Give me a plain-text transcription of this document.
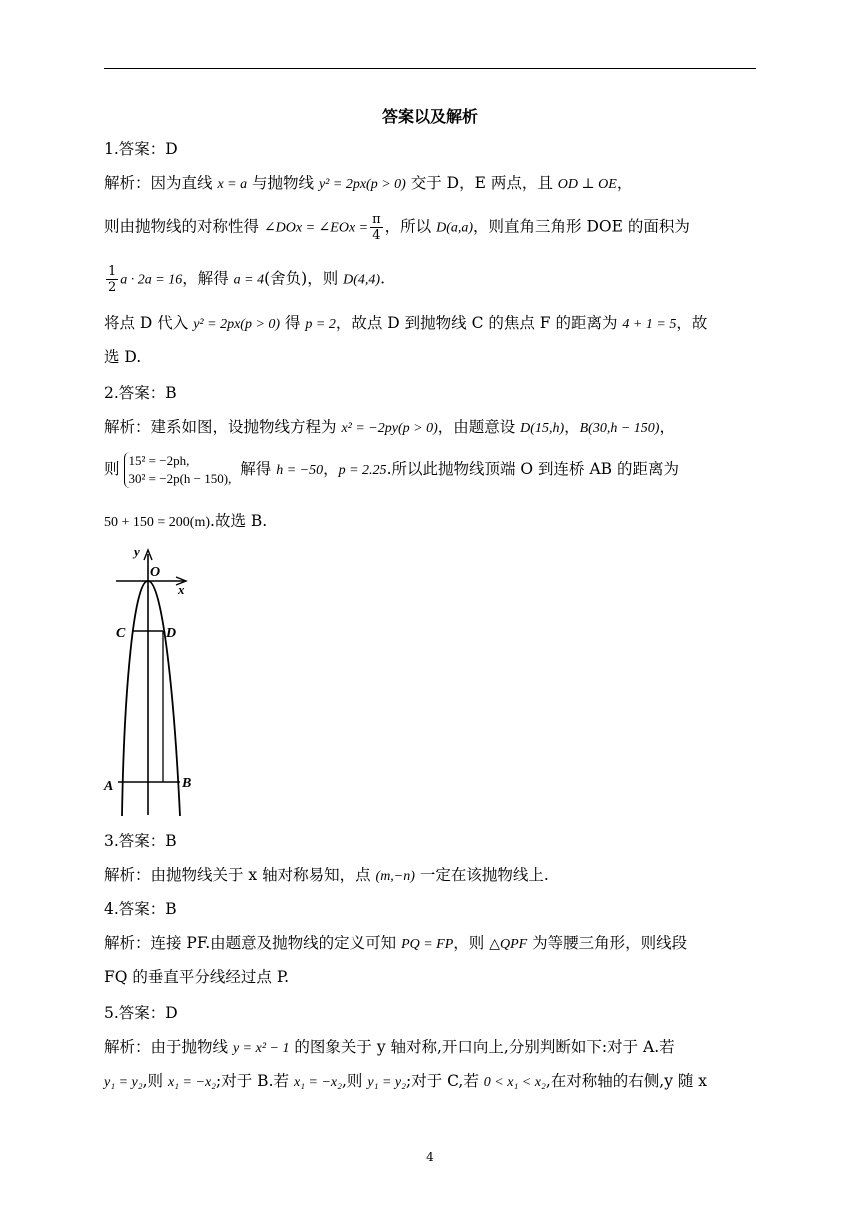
答案以及解析
1.答案：D
解析：因为直线 x = a 与抛物线 y² = 2px(p > 0) 交于 D，E 两点，且 OD ⊥ OE，
则由抛物线的对称性得 ∠DOx = ∠EOx = $\frac{\pi}{4}$ ，所以 D(a,a)，则直角三角形 DOE 的面积为
$\frac{1}{2}$ a · 2a = 16，解得 a = 4(舍负)，则 D(4,4).
将点 D 代入 y² = 2px(p > 0) 得 p = 2，故点 D 到抛物线 C 的焦点 F 的距离为 4 + 1 = 5，故
选 D.
2.答案：B
解析：建系如图，设抛物线方程为 x² = −2py(p > 0)，由题意设 D(15,h)，B(30,h − 150)，
则 15² = −2ph,
30² = −2p(h − 150),
解得 h = −50，p = 2.25.所以此抛物线顶端 O 到连桥 AB 的距离为
50 + 150 = 200(m).故选 B.
y
x
O
C	D
A	B
3.答案：B
解析：由抛物线关于 x 轴对称易知，点 (m,−n) 一定在该抛物线上.
4.答案：B
解析：连接 PF.由题意及抛物线的定义可知 PQ = FP，则 △QPF 为等腰三角形，则线段
FQ 的垂直平分线经过点 P.
5.答案：D
解析：由于抛物线 y = x² − 1 的图象关于 y 轴对称,开口向上,分别判断如下:对于 A.若
y₁ = y₂,则 x₁ = −x₂;对于 B.若 x₁ = −x₂,则 y₁ = y₂;对于 C,若 0 < x₁ < x₂,在对称轴的右侧,y 随 x
4
